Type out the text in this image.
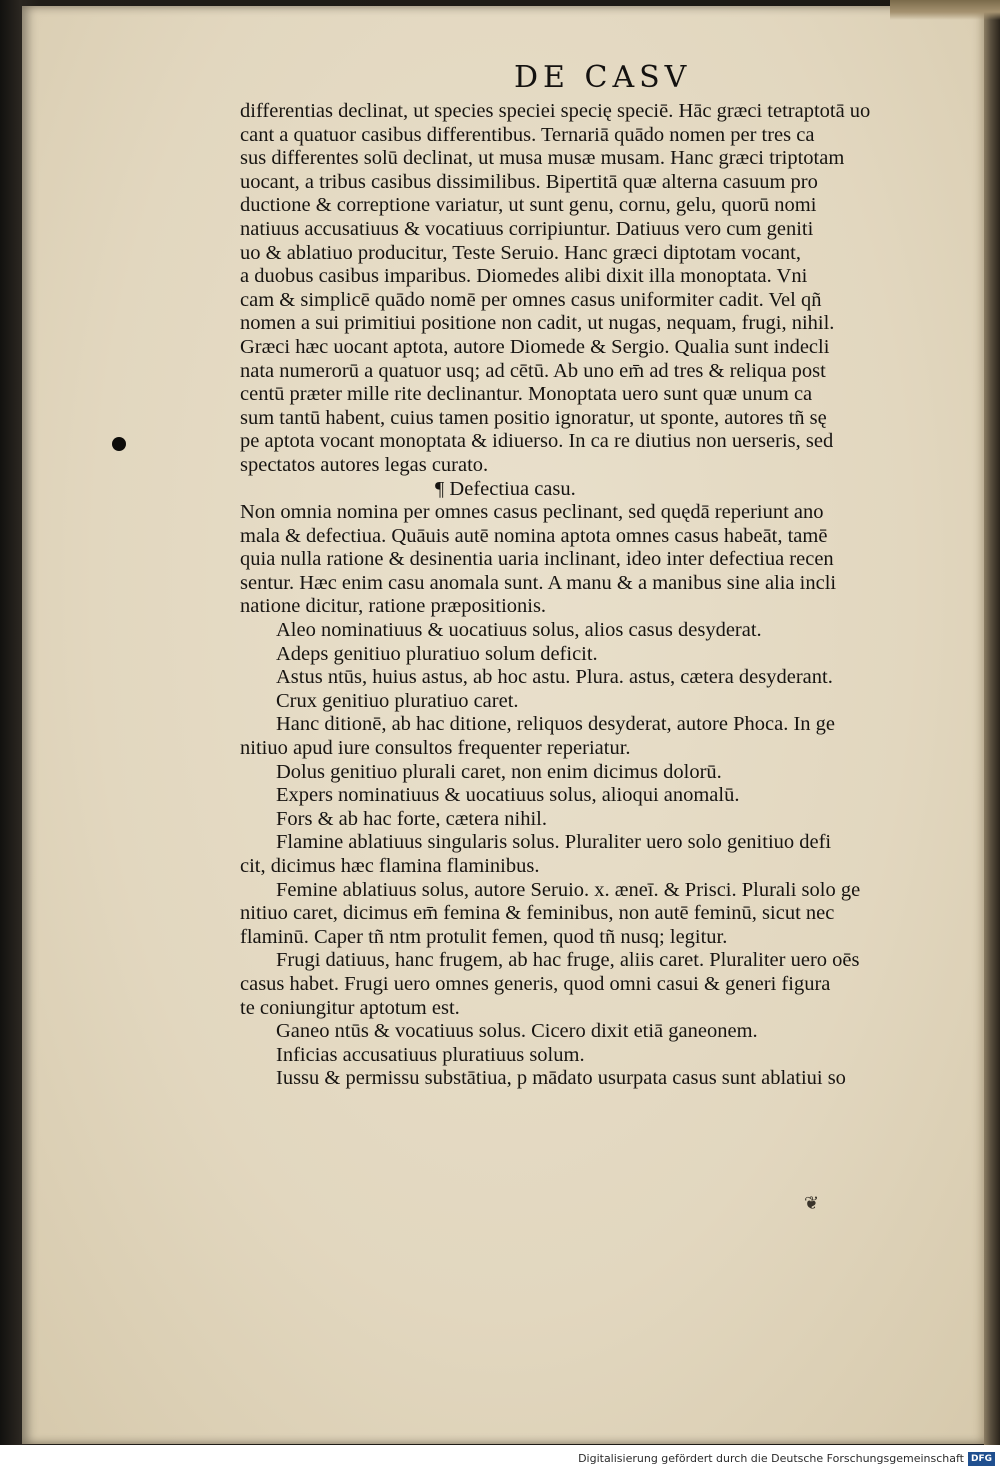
DE CASV
differentias declinat, ut species speciei specię speciē. Hāc græci tetraptotā uo
cant a quatuor casibus differentibus. Ternariā quādo nomen per tres ca
sus differentes solū declinat, ut musa musæ musam. Hanc græci triptotam
uocant, a tribus casibus dissimilibus. Bipertitā quæ alterna casuum pro
ductione & correptione variatur, ut sunt genu, cornu, gelu, quorū nomi
natiuus accusatiuus & vocatiuus corripiuntur. Datiuus vero cum geniti
uo & ablatiuo producitur, Teste Seruio. Hanc græci diptotam vocant,
a duobus casibus imparibus. Diomedes alibi dixit illa monoptata. Vni
cam & simplicē quādo nomē per omnes casus uniformiter cadit. Vel qñ
nomen a sui primitiui positione non cadit, ut nugas, nequam, frugi, nihil.
Græci hæc uocant aptota, autore Diomede & Sergio. Qualia sunt indecli
nata numerorū a quatuor usq; ad cētū. Ab uno em̄ ad tres & reliqua post
centū præter mille rite declinantur. Monoptata uero sunt quæ unum ca
sum tantū habent, cuius tamen positio ignoratur, ut sponte, autores tñ sę
pe aptota vocant monoptata & idiuerso. In ca re diutius non uerseris, sed
spectatos autores legas curato.
¶ Defectiua casu.
Non omnia nomina per omnes casus peclinant, sed quędā reperiunt ano
mala & defectiua. Quāuis autē nomina aptota omnes casus habeāt, tamē
quia nulla ratione & desinentia uaria inclinant, ideo inter defectiua recen
sentur. Hæc enim casu anomala sunt. A manu & a manibus sine alia incli
natione dicitur, ratione præpositionis.
Aleo nominatiuus & uocatiuus solus, alios casus desyderat.
Adeps genitiuo pluratiuo solum deficit.
Astus ntūs, huius astus, ab hoc astu. Plura. astus, cætera desyderant.
Crux genitiuo pluratiuo caret.
Hanc ditionē, ab hac ditione, reliquos desyderat, autore Phoca. In ge
nitiuo apud iure consultos frequenter reperiatur.
Dolus genitiuo plurali caret, non enim dicimus dolorū.
Expers nominatiuus & uocatiuus solus, alioqui anomalū.
Fors & ab hac forte, cætera nihil.
Flamine ablatiuus singularis solus. Pluraliter uero solo genitiuo defi
cit, dicimus hæc flamina flaminibus.
Femine ablatiuus solus, autore Seruio. x. æneī. & Prisci. Plurali solo ge
nitiuo caret, dicimus em̄ femina & feminibus, non autē feminū, sicut nec
flaminū. Caper tñ ntm protulit femen, quod tñ nusq; legitur.
Frugi datiuus, hanc frugem, ab hac fruge, aliis caret. Pluraliter uero oēs
casus habet. Frugi uero omnes generis, quod omni casui & generi figura
te coniungitur aptotum est.
Ganeo ntūs & vocatiuus solus. Cicero dixit etiā ganeonem.
Inficias accusatiuus pluratiuus solum.
Iussu & permissu substātiua, p mādato usurpata casus sunt ablatiui so
❦
Digitalisierung gefördert durch die Deutsche Forschungsgemeinschaft DFG
